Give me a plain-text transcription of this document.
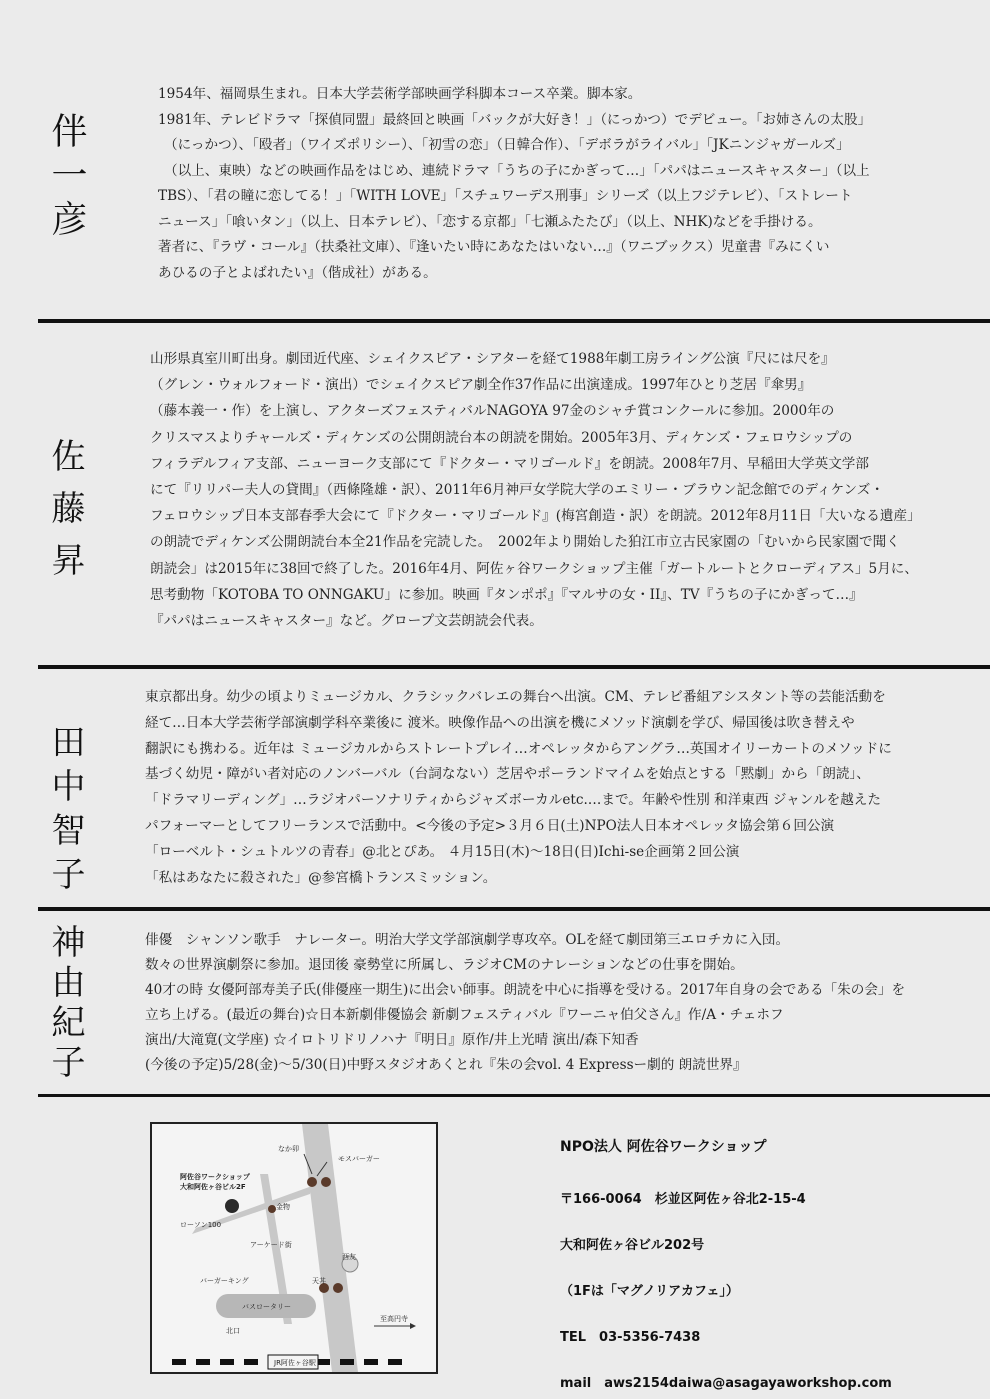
伴一彦
1954年、福岡県生まれ。日本大学芸術学部映画学科脚本コース卒業。脚本家。
1981年、テレビドラマ「探偵同盟」最終回と映画「バックが大好き！」（にっかつ）でデビュー。「お姉さんの太股」
（にっかつ）、「殴者」（ワイズポリシー）、「初雪の恋」（日韓合作）、「デボラがライバル」「JKニンジャガールズ」
（以上、東映）などの映画作品をはじめ、連続ドラマ「うちの子にかぎって…」「パパはニュースキャスター」（以上
TBS）、「君の瞳に恋してる！」「WITH LOVE」「スチュワーデス刑事」シリーズ（以上フジテレビ）、「ストレート
ニュース」「喰いタン」（以上、日本テレビ）、「恋する京都」「七瀬ふたたび」（以上、NHK)などを手掛ける。
著者に、『ラヴ・コール』（扶桑社文庫）、『逢いたい時にあなたはいない…』（ワニブックス）児童書『みにくい
あひるの子とよばれたい』（偕成社）がある。
佐藤昇
山形県真室川町出身。劇団近代座、シェイクスピア・シアターを経て1988年劇工房ライング公演『尺には尺を』
（グレン・ウォルフォード・演出）でシェイクスピア劇全作37作品に出演達成。1997年ひとり芝居『傘男』
（藤本義一・作）を上演し、アクターズフェスティバルNAGOYA 97金のシャチ賞コンクールに参加。2000年の
クリスマスよりチャールズ・ディケンズの公開朗読台本の朗読を開始。2005年3月、ディケンズ・フェロウシップの
フィラデルフィア支部、ニューヨーク支部にて『ドクター・マリゴールド』を朗読。2008年7月、早稲田大学英文学部
にて『リリパー夫人の貸間』（西條隆雄・訳）、2011年6月神戸女学院大学のエミリー・ブラウン記念館でのディケンズ・
フェロウシップ日本支部春季大会にて『ドクター・マリゴールド』(梅宮創造・訳）を朗読。2012年8月11日「大いなる遺産」
の朗読でディケンズ公開朗読台本全21作品を完読した。　2002年より開始した狛江市立古民家園の「むいから民家園で聞く
朗読会」は2015年に38回で終了した。2016年4月、阿佐ヶ谷ワークショップ主催「ガートルートとクローディアス」5月に、
思考動物「KOTOBA TO ONNGAKU」に参加。映画『タンポポ』『マルサの女・II』、TV『うちの子にかぎって…』
『パパはニュースキャスター』など。グロープ文芸朗読会代表。
田中智子
東京都出身。幼少の頃よりミュージカル、クラシックバレエの舞台へ出演。CM、テレビ番組アシスタント等の芸能活動を
経て…日本大学芸術学部演劇学科卒業後に 渡米。映像作品への出演を機にメソッド演劇を学び、帰国後は吹き替えや
翻訳にも携わる。近年は ミュージカルからストレートプレイ…オペレッタからアングラ…英国オイリーカートのメソッドに
基づく幼児・障がい者対応のノンバーバル（台詞なない）芝居やポーランドマイムを始点とする「黙劇」から「朗読」、
「ドラマリーディング」…ラジオパーソナリティからジャズボーカルetc.…まで。年齢や性別 和洋東西 ジャンルを越えた
パフォーマーとしてフリーランスで活動中。<今後の予定>３月６日(土)NPO法人日本オペレッタ協会第６回公演
「ローベルト・シュトルツの青春」@北とぴあ。 ４月15日(木)～18日(日)Ichi-se企画第２回公演
「私はあなたに殺された」@参宮橋トランスミッション。
神由紀子	俳優　シャンソン歌手　ナレーター。明治大学文学部演劇学専攻卒。OLを経て劇団第三エロチカに入団。
数々の世界演劇祭に参加。退団後 豪勢堂に所属し、ラジオCMのナレーションなどの仕事を開始。
40才の時 女優阿部寿美子氏(俳優座一期生)に出会い師事。朗読を中心に指導を受ける。2017年自身の会である「朱の会」を
立ち上げる。(最近の舞台)☆日本新劇俳優協会 新劇フェスティバル『ワーニャ伯父さん』作/A・チェホフ
演出/大滝寛(文学座) ☆イロトリドリノハナ『明日』原作/井上光晴 演出/森下知香
(今後の予定)5/28(金)～5/30(日)中野スタジオあくとれ『朱の会vol. 4 Expressー劇的 朗読世界』
なか卯
モスバーガー
阿佐谷ワークショップ
大和阿佐ヶ谷ビル2F
金物
ローソン100
アーケード街
バーガーキング	天丼
西友
バスロータリー
北口
至高円寺
JR阿佐ヶ谷駅
NPO法人 阿佐谷ワークショップ
〒166-0064　杉並区阿佐ヶ谷北2-15-4
大和阿佐ヶ谷ビル202号
（1Fは「マグノリアカフェ」）
TEL　03-5356-7438
mail　aws2154daiwa@asagayaworkshop.com
